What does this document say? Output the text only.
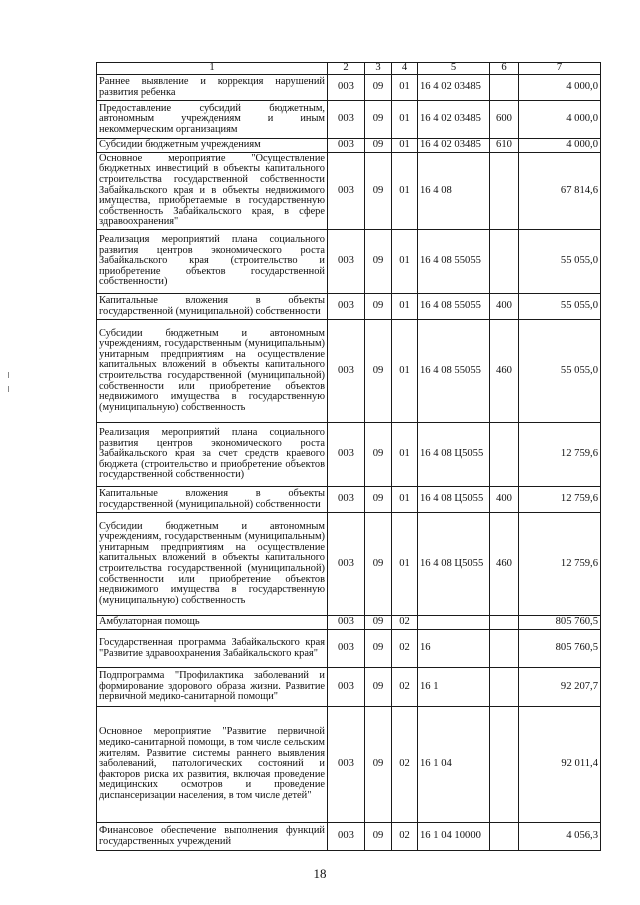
1	2	3	4	5	6	7
Раннее выявление и коррекция нарушений развития ребенка	003	09	01	16 4 02 03485		4 000,0
Предоставление субсидий бюджетным, автономным учреждениям и иным некоммерческим организациям	003	09	01	16 4 02 03485	600	4 000,0
Субсидии бюджетным учреждениям	003	09	01	16 4 02 03485	610	4 000,0
Основное мероприятие "Осуществление бюджетных инвестиций в объекты капитального строительства государственной собственности Забайкальского края и в объекты недвижимого имущества, приобретаемые в государственную собственность Забайкальского края, в сфере здравоохранения"	003	09	01	16 4 08		67 814,6
Реализация мероприятий плана социального развития центров экономического роста Забайкальского края (строительство и приобретение объектов государственной собственности)	003	09	01	16 4 08 55055		55 055,0
Капитальные вложения в объекты государственной (муниципальной) собственности	003	09	01	16 4 08 55055	400	55 055,0
Субсидии бюджетным и автономным учреждениям, государственным (муниципальным) унитарным предприятиям на осуществление капитальных вложений в объекты капитального строительства государственной (муниципальной) собственности или приобретение объектов недвижимого имущества в государственную (муниципальную) собственность	003	09	01	16 4 08 55055	460	55 055,0
Реализация мероприятий плана социального развития центров экономического роста Забайкальского края за счет средств краевого бюджета (строительство и приобретение объектов государственной собственности)	003	09	01	16 4 08 Ц5055		12 759,6
Капитальные вложения в объекты государственной (муниципальной) собственности	003	09	01	16 4 08 Ц5055	400	12 759,6
Субсидии бюджетным и автономным учреждениям, государственным (муниципальным) унитарным предприятиям на осуществление капитальных вложений в объекты капитального строительства государственной (муниципальной) собственности или приобретение объектов недвижимого имущества в государственную (муниципальную) собственность	003	09	01	16 4 08 Ц5055	460	12 759,6
Амбулаторная помощь	003	09	02			805 760,5
Государственная программа Забайкальского края "Развитие здравоохранения Забайкальского края"	003	09	02	16		805 760,5
Подпрограмма "Профилактика заболеваний и формирование здорового образа жизни. Развитие первичной медико-санитарной помощи"	003	09	02	16 1		92 207,7
Основное мероприятие "Развитие первичной медико-санитарной помощи, в том числе сельским жителям. Развитие системы раннего выявления заболеваний, патологических состояний и факторов риска их развития, включая проведение медицинских осмотров и проведение диспансеризации населения, в том числе детей"	003	09	02	16 1 04		92 011,4
Финансовое обеспечение выполнения функций государственных учреждений	003	09	02	16 1 04 10000		4 056,3
18
